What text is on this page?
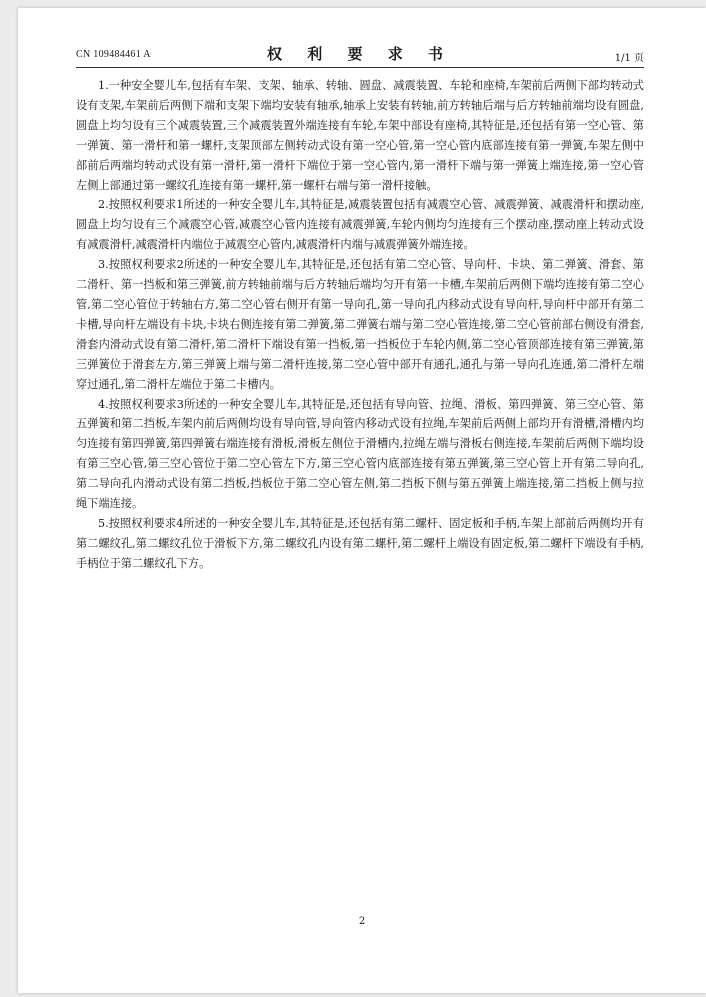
CN 109484461 A	权 利 要 求 书	1/1 页

1.一种安全婴儿车,包括有车架、支架、轴承、转轴、圆盘、减震装置、车轮和座椅,车架前后两侧下部均转动式设有支架,车架前后两侧下端和支架下端均安装有轴承,轴承上安装有转轴,前方转轴后端与后方转轴前端均设有圆盘,圆盘上均匀设有三个减震装置,三个减震装置外端连接有车轮,车架中部设有座椅,其特征是,还包括有第一空心管、第一弹簧、第一滑杆和第一螺杆,支架顶部左侧转动式设有第一空心管,第一空心管内底部连接有第一弹簧,车架左侧中部前后两端均转动式设有第一滑杆,第一滑杆下端位于第一空心管内,第一滑杆下端与第一弹簧上端连接,第一空心管左侧上部通过第一螺纹孔连接有第一螺杆,第一螺杆右端与第一滑杆接触。

2.按照权利要求1所述的一种安全婴儿车,其特征是,减震装置包括有减震空心管、减震弹簧、减震滑杆和摆动座,圆盘上均匀设有三个减震空心管,减震空心管内连接有减震弹簧,车轮内侧均匀连接有三个摆动座,摆动座上转动式设有减震滑杆,减震滑杆内端位于减震空心管内,减震滑杆内端与减震弹簧外端连接。

3.按照权利要求2所述的一种安全婴儿车,其特征是,还包括有第二空心管、导向杆、卡块、第二弹簧、滑套、第二滑杆、第一挡板和第三弹簧,前方转轴前端与后方转轴后端均匀开有第一卡槽,车架前后两侧下端均连接有第二空心管,第二空心管位于转轴右方,第二空心管右侧开有第一导向孔,第一导向孔内移动式设有导向杆,导向杆中部开有第二卡槽,导向杆左端设有卡块,卡块右侧连接有第二弹簧,第二弹簧右端与第二空心管连接,第二空心管前部右侧设有滑套,滑套内滑动式设有第二滑杆,第二滑杆下端设有第一挡板,第一挡板位于车轮内侧,第二空心管顶部连接有第三弹簧,第三弹簧位于滑套左方,第三弹簧上端与第二滑杆连接,第二空心管中部开有通孔,通孔与第一导向孔连通,第二滑杆左端穿过通孔,第二滑杆左端位于第二卡槽内。

4.按照权利要求3所述的一种安全婴儿车,其特征是,还包括有导向管、拉绳、滑板、第四弹簧、第三空心管、第五弹簧和第二挡板,车架内前后两侧均设有导向管,导向管内移动式设有拉绳,车架前后两侧上部均开有滑槽,滑槽内均匀连接有第四弹簧,第四弹簧右端连接有滑板,滑板左侧位于滑槽内,拉绳左端与滑板右侧连接,车架前后两侧下端均设有第三空心管,第三空心管位于第二空心管左下方,第三空心管内底部连接有第五弹簧,第三空心管上开有第二导向孔,第二导向孔内滑动式设有第二挡板,挡板位于第二空心管左侧,第二挡板下侧与第五弹簧上端连接,第二挡板上侧与拉绳下端连接。

5.按照权利要求4所述的一种安全婴儿车,其特征是,还包括有第二螺杆、固定板和手柄,车架上部前后两侧均开有第二螺纹孔,第二螺纹孔位于滑板下方,第二螺纹孔内设有第二螺杆,第二螺杆上端设有固定板,第二螺杆下端设有手柄,手柄位于第二螺纹孔下方。

2
